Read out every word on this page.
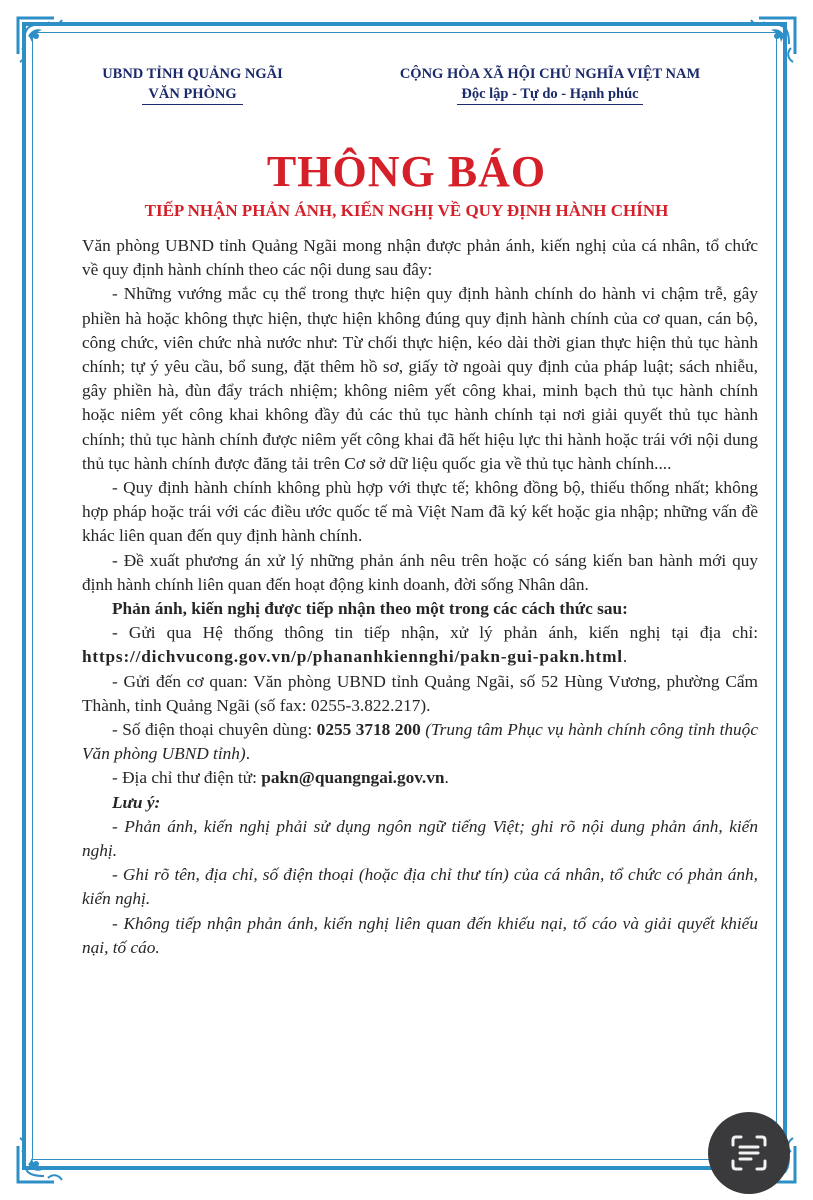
UBND TỈNH QUẢNG NGÃI
VĂN PHÒNG
CỘNG HÒA XÃ HỘI CHỦ NGHĨA VIỆT NAM
Độc lập - Tự do - Hạnh phúc
THÔNG BÁO
TIẾP NHẬN PHẢN ÁNH, KIẾN NGHỊ VỀ QUY ĐỊNH HÀNH CHÍNH

Văn phòng UBND tỉnh Quảng Ngãi mong nhận được phản ánh, kiến nghị của cá nhân, tổ chức về quy định hành chính theo các nội dung sau đây:

- Những vướng mắc cụ thể trong thực hiện quy định hành chính do hành vi chậm trễ, gây phiền hà hoặc không thực hiện, thực hiện không đúng quy định hành chính của cơ quan, cán bộ, công chức, viên chức nhà nước như: Từ chối thực hiện, kéo dài thời gian thực hiện thủ tục hành chính; tự ý yêu cầu, bổ sung, đặt thêm hồ sơ, giấy tờ ngoài quy định của pháp luật; sách nhiễu, gây phiền hà, đùn đẩy trách nhiệm; không niêm yết công khai, minh bạch thủ tục hành chính hoặc niêm yết công khai không đầy đủ các thủ tục hành chính tại nơi giải quyết thủ tục hành chính; thủ tục hành chính được niêm yết công khai đã hết hiệu lực thi hành hoặc trái với nội dung thủ tục hành chính được đăng tải trên Cơ sở dữ liệu quốc gia về thủ tục hành chính....

- Quy định hành chính không phù hợp với thực tế; không đồng bộ, thiếu thống nhất; không hợp pháp hoặc trái với các điều ước quốc tế mà Việt Nam đã ký kết hoặc gia nhập; những vấn đề khác liên quan đến quy định hành chính.

- Đề xuất phương án xử lý những phản ánh nêu trên hoặc có sáng kiến ban hành mới quy định hành chính liên quan đến hoạt động kinh doanh, đời sống Nhân dân.

Phản ánh, kiến nghị được tiếp nhận theo một trong các cách thức sau:

- Gửi qua Hệ thống thông tin tiếp nhận, xử lý phản ánh, kiến nghị tại địa chỉ: https://dichvucong.gov.vn/p/phananhkiennghi/pakn-gui-pakn.html.

- Gửi đến cơ quan: Văn phòng UBND tỉnh Quảng Ngãi, số 52 Hùng Vương, phường Cẩm Thành, tỉnh Quảng Ngãi (số fax: 0255-3.822.217).

- Số điện thoại chuyên dùng: 0255 3718 200 (Trung tâm Phục vụ hành chính công tỉnh thuộc Văn phòng UBND tỉnh).

- Địa chỉ thư điện tử: pakn@quangngai.gov.vn.

Lưu ý:

- Phản ánh, kiến nghị phải sử dụng ngôn ngữ tiếng Việt; ghi rõ nội dung phản ánh, kiến nghị.

- Ghi rõ tên, địa chỉ, số điện thoại (hoặc địa chỉ thư tín) của cá nhân, tổ chức có phản ánh, kiến nghị.

- Không tiếp nhận phản ánh, kiến nghị liên quan đến khiếu nại, tố cáo và giải quyết khiếu nại, tố cáo.
